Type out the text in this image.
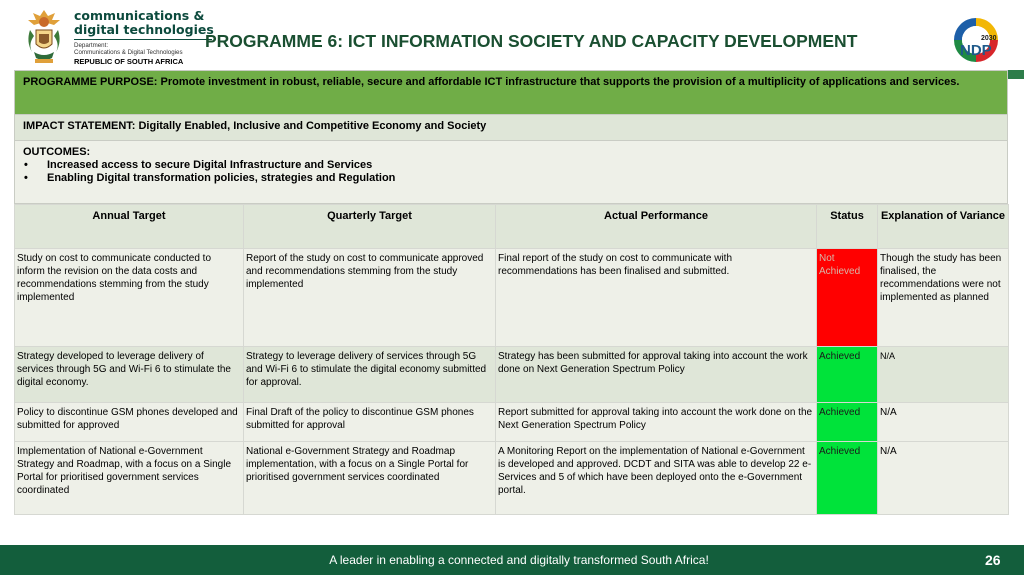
communications &
digital technologies
Department:
Communications & Digital Technologies
REPUBLIC OF SOUTH AFRICA
PROGRAMME 6: ICT INFORMATION SOCIETY AND CAPACITY DEVELOPMENT	2030
NDP
PROGRAMME PURPOSE: Promote investment in robust, reliable, secure and affordable ICT infrastructure that supports the provision of a multiplicity of applications and services.
IMPACT STATEMENT: Digitally Enabled, Inclusive and Competitive Economy and Society
OUTCOMES:
•	Increased access to secure Digital Infrastructure and Services
•	Enabling Digital transformation policies, strategies and Regulation
Annual Target	Quarterly Target	Actual Performance	Status	Explanation of Variance
Study on cost to communicate conducted to inform the revision on the data costs and recommendations stemming from the study implemented	Report of the study on cost to communicate approved and recommendations stemming from the study implemented	Final report of the study on cost to communicate with recommendations has been finalised and submitted.	Not Achieved	Though the study has been finalised, the recommendations were not implemented as planned
Strategy developed to leverage delivery of services through 5G and Wi-Fi 6 to stimulate the digital economy.	Strategy to leverage delivery of services through 5G and Wi-Fi 6 to stimulate the digital economy submitted for approval.	Strategy has been submitted for approval taking into account the work done on Next Generation Spectrum Policy	Achieved	N/A
Policy to discontinue GSM phones developed and submitted for approved	Final Draft of the policy to discontinue GSM phones submitted for approval	Report submitted for approval taking into account the work done on the Next Generation Spectrum Policy	Achieved	N/A
Implementation of National e-Government Strategy and Roadmap, with a focus on a Single Portal for prioritised government services coordinated	National e-Government Strategy and Roadmap implementation, with a focus on a Single Portal for prioritised government services coordinated	A Monitoring Report on the implementation of National e-Government is developed and approved. DCDT and SITA was able to develop 22 e-Services and 5 of which have been deployed onto the e-Government portal.	Achieved	N/A
A leader in enabling a connected and digitally transformed South Africa!	26
